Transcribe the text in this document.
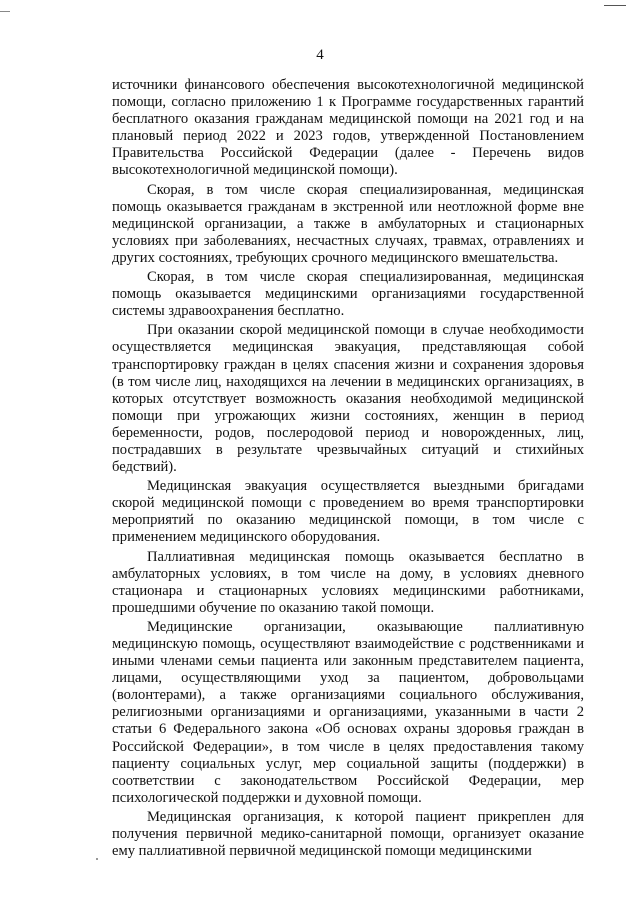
4

источники финансового обеспечения высокотехнологичной медицинской помощи, согласно приложению 1 к Программе государственных гарантий бесплатного оказания гражданам медицинской помощи на 2021 год и на плановый период 2022 и 2023 годов, утвержденной Постановлением Правительства Российской Федерации (далее - Перечень видов высокотехнологичной медицинской помощи).

Скорая, в том числе скорая специализированная, медицинская помощь оказывается гражданам в экстренной или неотложной форме вне медицинской организации, а также в амбулаторных и стационарных условиях при заболеваниях, несчастных случаях, травмах, отравлениях и других состояниях, требующих срочного медицинского вмешательства.

Скорая, в том числе скорая специализированная, медицинская помощь оказывается медицинскими организациями государственной системы здравоохранения бесплатно.

При оказании скорой медицинской помощи в случае необходимости осуществляется медицинская эвакуация, представляющая собой транспортировку граждан в целях спасения жизни и сохранения здоровья (в том числе лиц, находящихся на лечении в медицинских организациях, в которых отсутствует возможность оказания необходимой медицинской помощи при угрожающих жизни состояниях, женщин в период беременности, родов, послеродовой период и новорожденных, лиц, пострадавших в результате чрезвычайных ситуаций и стихийных бедствий).

Медицинская эвакуация осуществляется выездными бригадами скорой медицинской помощи с проведением во время транспортировки мероприятий по оказанию медицинской помощи, в том числе с применением медицинского оборудования.

Паллиативная медицинская помощь оказывается бесплатно в амбулаторных условиях, в том числе на дому, в условиях дневного стационара и стационарных условиях медицинскими работниками, прошедшими обучение по оказанию такой помощи.

Медицинские организации, оказывающие паллиативную медицинскую помощь, осуществляют взаимодействие с родственниками и иными членами семьи пациента или законным представителем пациента, лицами, осуществляющими уход за пациентом, добровольцами (волонтерами), а также организациями социального обслуживания, религиозными организациями и организациями, указанными в части 2 статьи 6 Федерального закона «Об основах охраны здоровья граждан в Российской Федерации», в том числе в целях предоставления такому пациенту социальных услуг, мер социальной защиты (поддержки) в соответствии с законодательством Российской Федерации, мер психологической поддержки и духовной помощи.

Медицинская организация, к которой пациент прикреплен для получения первичной медико-санитарной помощи, организует оказание ему паллиативной первичной медицинской помощи медицинскими
